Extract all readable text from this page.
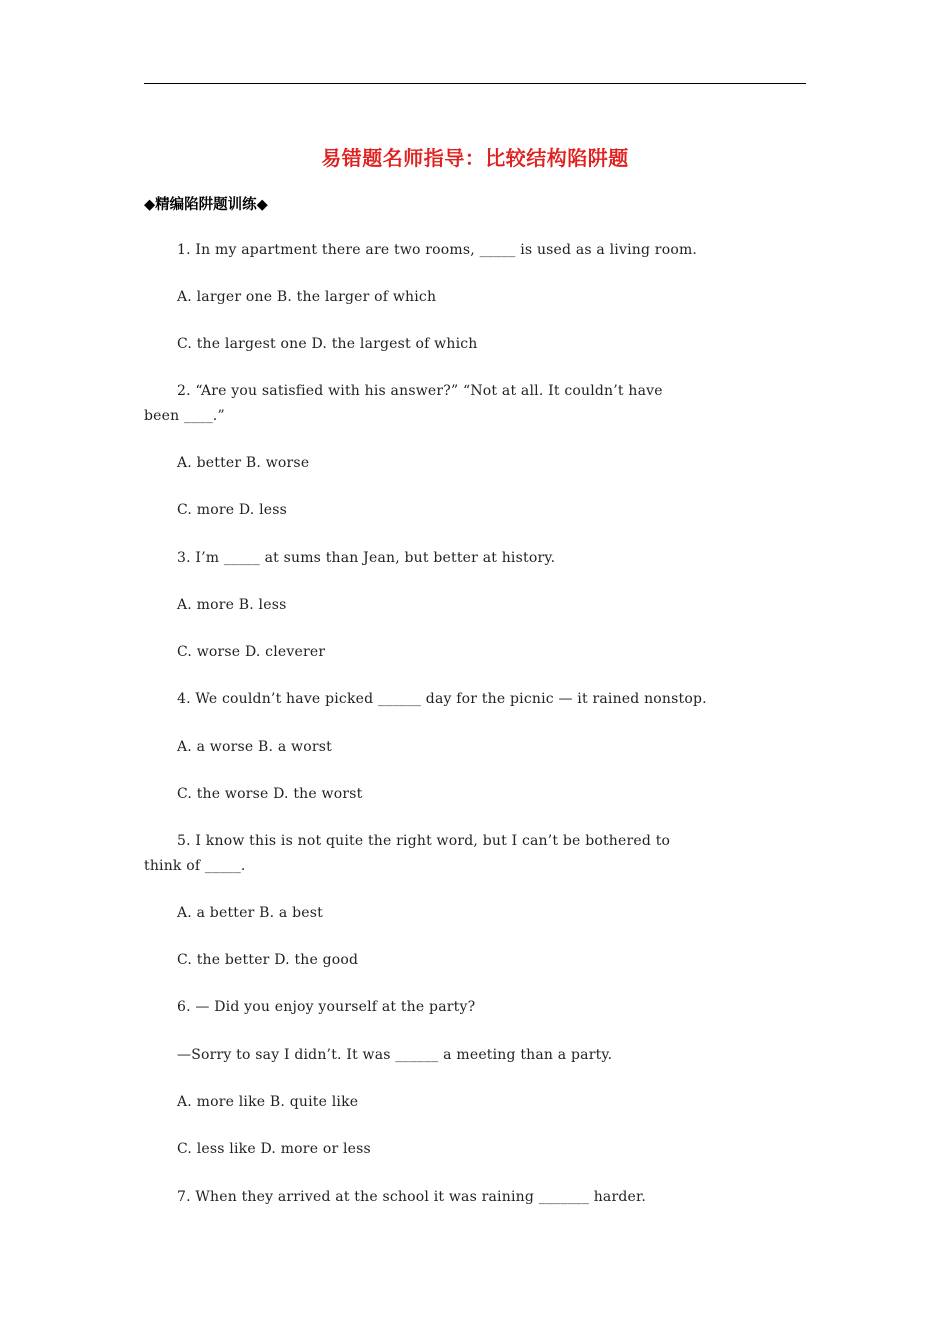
易错题名师指导：比较结构陷阱题
◆精编陷阱题训练◆
1. In my apartment there are two rooms, _____ is used as a living room.
A. larger one B. the larger of which
C. the largest one D. the largest of which
2. “Are you satisfied with his answer?” “Not at all. It couldn’t have
been ____.”
A. better B. worse
C. more D. less
3. I’m _____ at sums than Jean, but better at history.
A. more B. less
C. worse D. cleverer
4. We couldn’t have picked ______ day for the picnic — it rained nonstop.
A. a worse B. a worst
C. the worse D. the worst
5. I know this is not quite the right word, but I can’t be bothered to
think of _____.
A. a better B. a best
C. the better D. the good
6. — Did you enjoy yourself at the party?
—Sorry to say I didn’t. It was ______ a meeting than a party.
A. more like B. quite like
C. less like D. more or less
7. When they arrived at the school it was raining _______ harder.
